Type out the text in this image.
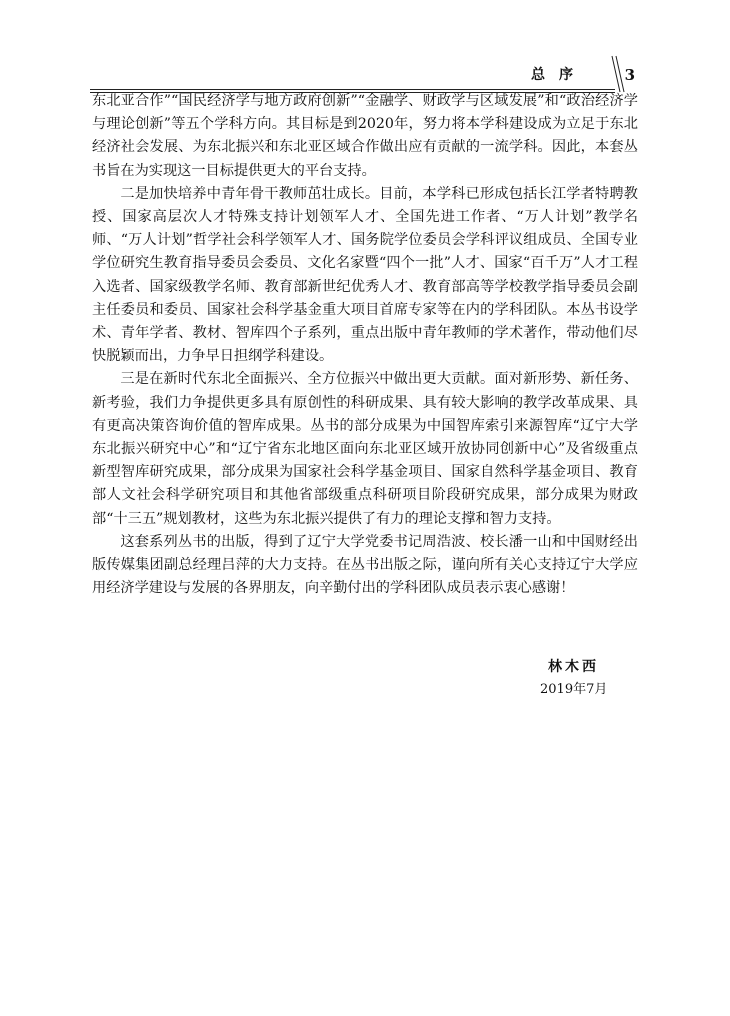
总序	3

东北亚合作”“国民经济学与地方政府创新”“金融学、财政学与区域发展”和“政治经济学与理论创新”等五个学科方向。其目标是到2020年，努力将本学科建设成为立足于东北经济社会发展、为东北振兴和东北亚区域合作做出应有贡献的一流学科。因此，本套丛书旨在为实现这一目标提供更大的平台支持。

二是加快培养中青年骨干教师茁壮成长。目前，本学科已形成包括长江学者特聘教授、国家高层次人才特殊支持计划领军人才、全国先进工作者、“万人计划”教学名师、“万人计划”哲学社会科学领军人才、国务院学位委员会学科评议组成员、全国专业学位研究生教育指导委员会委员、文化名家暨“四个一批”人才、国家“百千万”人才工程入选者、国家级教学名师、教育部新世纪优秀人才、教育部高等学校教学指导委员会副主任委员和委员、国家社会科学基金重大项目首席专家等在内的学科团队。本丛书设学术、青年学者、教材、智库四个子系列，重点出版中青年教师的学术著作，带动他们尽快脱颖而出，力争早日担纲学科建设。

三是在新时代东北全面振兴、全方位振兴中做出更大贡献。面对新形势、新任务、新考验，我们力争提供更多具有原创性的科研成果、具有较大影响的教学改革成果、具有更高决策咨询价值的智库成果。丛书的部分成果为中国智库索引来源智库“辽宁大学东北振兴研究中心”和“辽宁省东北地区面向东北亚区域开放协同创新中心”及省级重点新型智库研究成果，部分成果为国家社会科学基金项目、国家自然科学基金项目、教育部人文社会科学研究项目和其他省部级重点科研项目阶段研究成果，部分成果为财政部“十三五”规划教材，这些为东北振兴提供了有力的理论支撑和智力支持。

这套系列丛书的出版，得到了辽宁大学党委书记周浩波、校长潘一山和中国财经出版传媒集团副总经理吕萍的大力支持。在丛书出版之际，谨向所有关心支持辽宁大学应用经济学建设与发展的各界朋友，向辛勤付出的学科团队成员表示衷心感谢！

林木西
2019年7月
